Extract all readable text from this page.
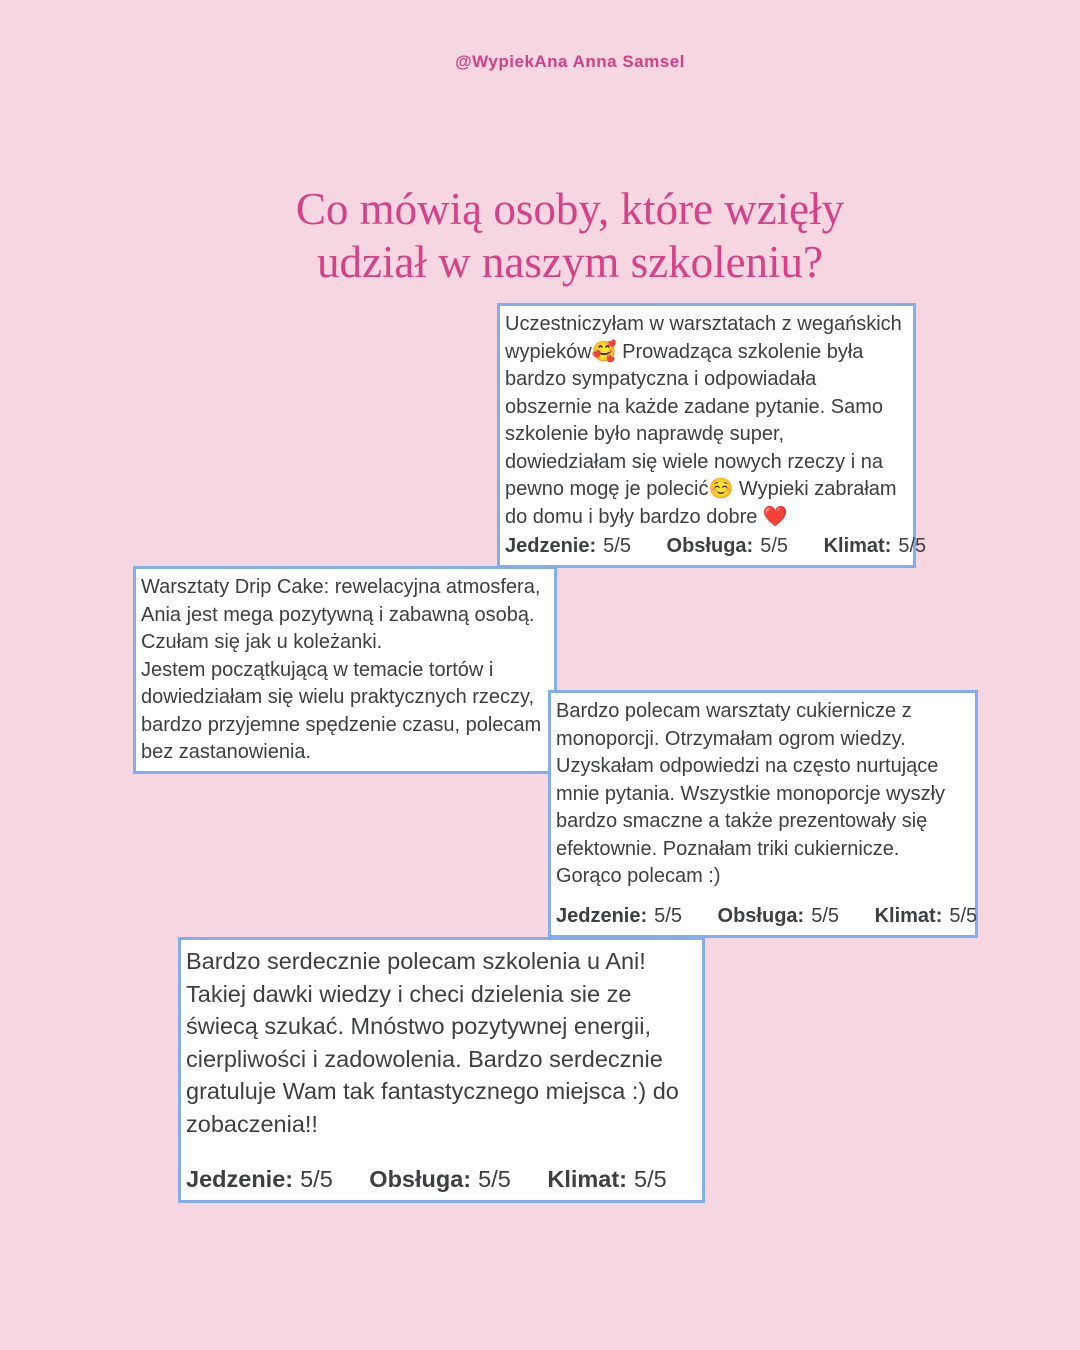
@WypiekAna Anna Samsel
Co mówią osoby, które wzięły
udział w naszym szkoleniu?

Uczestniczyłam w warsztatach z wegańskich wypieków🥰 Prowadząca szkolenie była bardzo sympatyczna i odpowiadała obszernie na każde zadane pytanie. Samo szkolenie było naprawdę super, dowiedziałam się wiele nowych rzeczy i na pewno mogę je polecić☺️ Wypieki zabrałam do domu i były bardzo dobre ❤️

Jedzenie: 5/5 Obsługa: 5/5 Klimat: 5/5

Warsztaty Drip Cake: rewelacyjna atmosfera, Ania jest mega pozytywną i zabawną osobą. Czułam się jak u koleżanki.

Jestem początkującą w temacie tortów i dowiedziałam się wielu praktycznych rzeczy, bardzo przyjemne spędzenie czasu, polecam bez zastanowienia.

Bardzo polecam warsztaty cukiernicze z monoporcji. Otrzymałam ogrom wiedzy. Uzyskałam odpowiedzi na często nurtujące mnie pytania. Wszystkie monoporcje wyszły bardzo smaczne a także prezentowały się efektownie. Poznałam triki cukiernicze. Gorąco polecam :)

Jedzenie: 5/5 Obsługa: 5/5 Klimat: 5/5

Bardzo serdecznie polecam szkolenia u Ani! Takiej dawki wiedzy i checi dzielenia sie ze świecą szukać. Mnóstwo pozytywnej energii, cierpliwości i zadowolenia. Bardzo serdecznie gratuluje Wam tak fantastycznego miejsca :) do zobaczenia!!

Jedzenie: 5/5 Obsługa: 5/5 Klimat: 5/5
